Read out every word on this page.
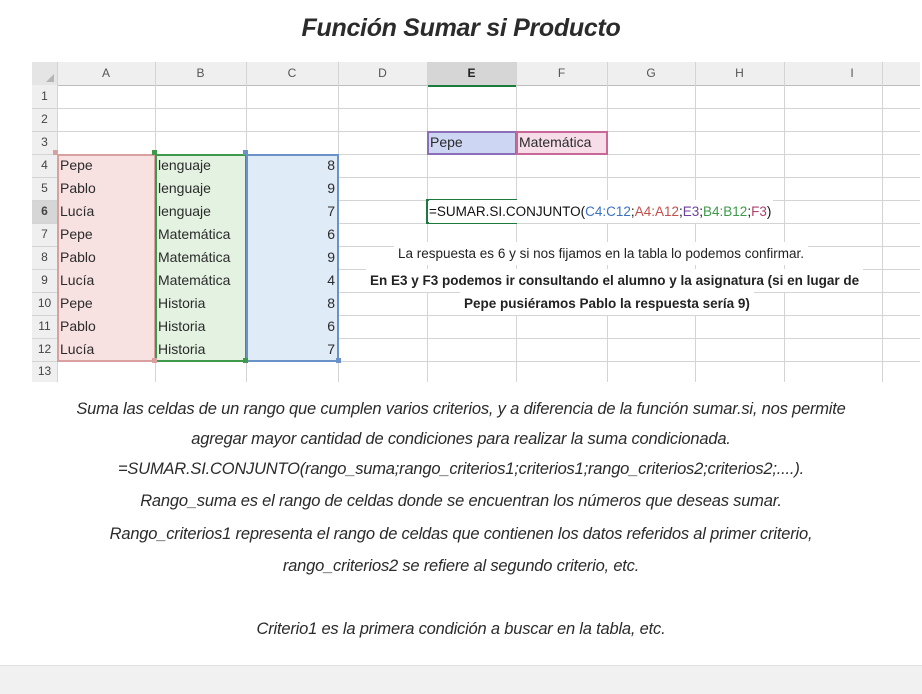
Función Sumar si Producto
A	B	C	D	E	F	G	H	I
1
2
3
4
5
6
7
8
9
10
11
12
13
Pepe	lenguaje	8
Pablo	lenguaje	9
Lucía	lenguaje	7
Pepe	Matemática	6
Pablo	Matemática	9
Lucía	Matemática	4
Pepe	Historia	8
Pablo	Historia	6
Lucía	Historia	7
Pepe	Matemática
=SUMAR.SI.CONJUNTO(C4:C12;A4:A12;E3;B4:B12;F3)
La respuesta es 6 y si nos fijamos en la tabla lo podemos confirmar.
En E3 y F3 podemos ir consultando el alumno y la asignatura (si en lugar de
Pepe pusiéramos Pablo la respuesta sería 9)
Suma las celdas de un rango que cumplen varios criterios, y a diferencia de la función sumar.si, nos permite
agregar mayor cantidad de condiciones para realizar la suma condicionada.
=SUMAR.SI.CONJUNTO(rango_suma;rango_criterios1;criterios1;rango_criterios2;criterios2;....).
Rango_suma es el rango de celdas donde se encuentran los números que deseas sumar.
Rango_criterios1 representa el rango de celdas que contienen los datos referidos al primer criterio,
rango_criterios2 se refiere al segundo criterio, etc.
Criterio1 es la primera condición a buscar en la tabla, etc.
